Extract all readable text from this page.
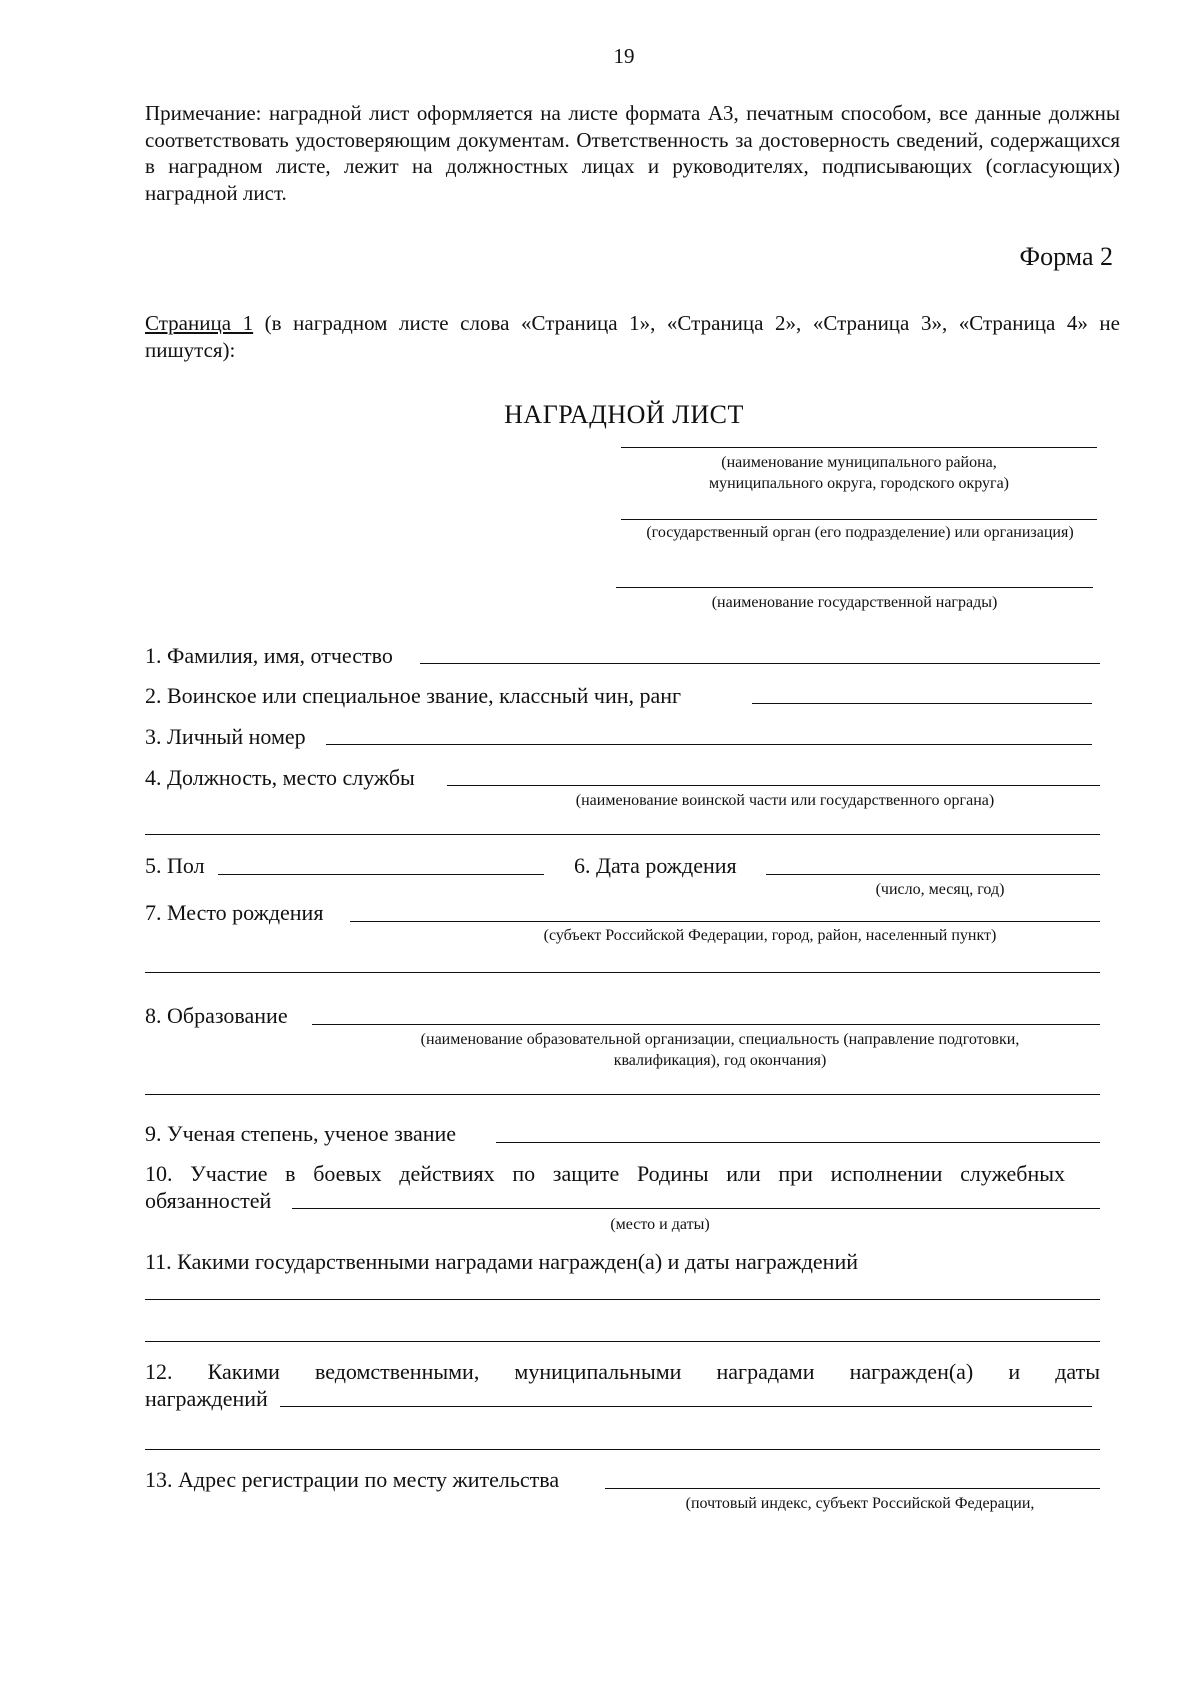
19
Примечание: наградной лист оформляется на листе формата А3, печатным способом, все данные должны соответствовать удостоверяющим документам. Ответственность за достоверность сведений, содержащихся в наградном листе, лежит на должностных лицах и руководителях, подписывающих (согласующих) наградной лист.
Форма 2
Страница 1 (в наградном листе слова «Страница 1», «Страница 2», «Страница 3», «Страница 4» не пишутся):
НАГРАДНОЙ ЛИСТ
(наименование муниципального района,
муниципального округа, городского округа)
(государственный орган (его подразделение) или организация)
(наименование государственной награды)
1. Фамилия, имя, отчество
2. Воинское или специальное звание, классный чин, ранг
3. Личный номер
4. Должность, место службы
(наименование воинской части или государственного органа)
5. Пол	6. Дата рождения
(число, месяц, год)
7. Место рождения
(субъект Российской Федерации, город, район, населенный пункт)
8. Образование
(наименование образовательной организации, специальность (направление подготовки,
квалификация), год окончания)
9. Ученая степень, ученое звание
10. Участие в боевых действиях по защите Родины или при исполнении служебных
обязанностей
(место и даты)
11. Какими государственными наградами награжден(а) и даты награждений
12. Какими ведомственными, муниципальными наградами награжден(а) и даты
награждений
13. Адрес регистрации по месту жительства
(почтовый индекс, субъект Российской Федерации,
